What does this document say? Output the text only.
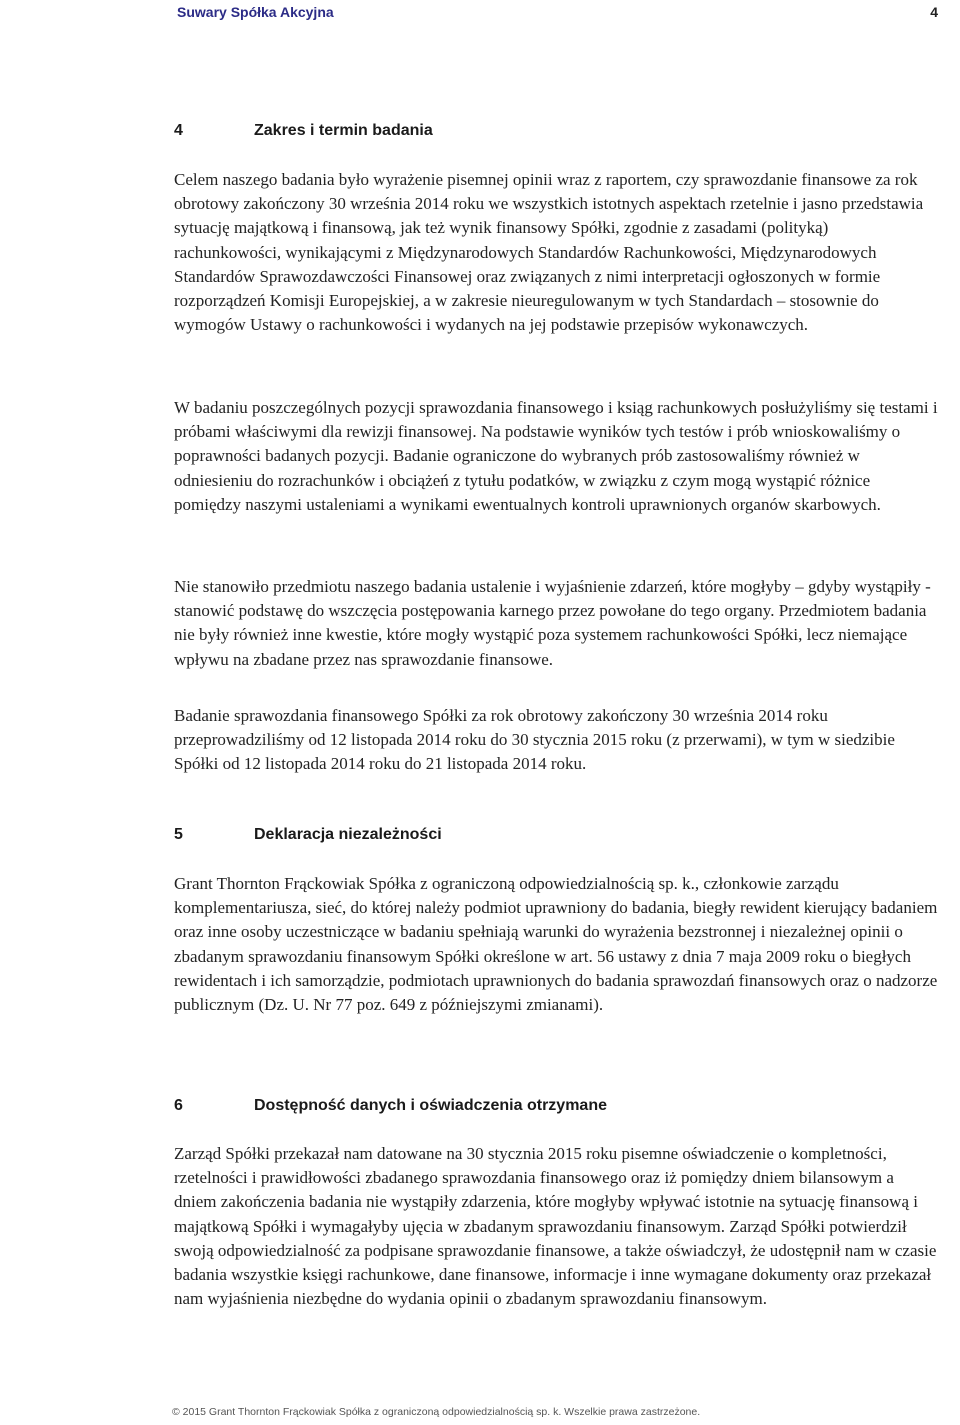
Suwary Spółka Akcyjna	4
4	Zakres i termin badania

Celem naszego badania było wyrażenie pisemnej opinii wraz z raportem, czy sprawozdanie finansowe za rok obrotowy zakończony 30 września 2014 roku we wszystkich istotnych aspektach rzetelnie i jasno przedstawia sytuację majątkową i finansową, jak też wynik finansowy Spółki, zgodnie z zasadami (polityką) rachunkowości, wynikającymi z Międzynarodowych Standardów Rachunkowości, Międzynarodowych Standardów Sprawozdawczości Finansowej oraz związanych z nimi interpretacji ogłoszonych w formie rozporządzeń Komisji Europejskiej, a w zakresie nieuregulowanym w tych Standardach – stosownie do wymogów Ustawy o rachunkowości i wydanych na jej podstawie przepisów wykonawczych.

W badaniu poszczególnych pozycji sprawozdania finansowego i ksiąg rachunkowych posłużyliśmy się testami i próbami właściwymi dla rewizji finansowej. Na podstawie wyników tych testów i prób wnioskowaliśmy o poprawności badanych pozycji. Badanie ograniczone do wybranych prób zastosowaliśmy również w odniesieniu do rozrachunków i obciążeń z tytułu podatków, w związku z czym mogą wystąpić różnice pomiędzy naszymi ustaleniami a wynikami ewentualnych kontroli uprawnionych organów skarbowych.

Nie stanowiło przedmiotu naszego badania ustalenie i wyjaśnienie zdarzeń, które mogłyby – gdyby wystąpiły - stanowić podstawę do wszczęcia postępowania karnego przez powołane do tego organy. Przedmiotem badania nie były również inne kwestie, które mogły wystąpić poza systemem rachunkowości Spółki, lecz niemające wpływu na zbadane przez nas sprawozdanie finansowe.

Badanie sprawozdania finansowego Spółki za rok obrotowy zakończony 30 września 2014 roku przeprowadziliśmy od 12 listopada 2014 roku do 30 stycznia 2015 roku (z przerwami), w tym w siedzibie Spółki od 12 listopada 2014 roku do 21 listopada 2014 roku.

5	Deklaracja niezależności

Grant Thornton Frąckowiak Spółka z ograniczoną odpowiedzialnością sp. k., członkowie zarządu komplementariusza, sieć, do której należy podmiot uprawniony do badania, biegły rewident kierujący badaniem oraz inne osoby uczestniczące w badaniu spełniają warunki do wyrażenia bezstronnej i niezależnej opinii o zbadanym sprawozdaniu finansowym Spółki określone w art. 56 ustawy z dnia 7 maja 2009 roku o biegłych rewidentach i ich samorządzie, podmiotach uprawnionych do badania sprawozdań finansowych oraz o nadzorze publicznym (Dz. U. Nr 77 poz. 649 z późniejszymi zmianami).

6	Dostępność danych i oświadczenia otrzymane

Zarząd Spółki przekazał nam datowane na 30 stycznia 2015 roku pisemne oświadczenie o kompletności, rzetelności i prawidłowości zbadanego sprawozdania finansowego oraz iż pomiędzy dniem bilansowym a dniem zakończenia badania nie wystąpiły zdarzenia, które mogłyby wpływać istotnie na sytuację finansową i majątkową Spółki i wymagałyby ujęcia w zbadanym sprawozdaniu finansowym. Zarząd Spółki potwierdził swoją odpowiedzialność za podpisane sprawozdanie finansowe, a także oświadczył, że udostępnił nam w czasie badania wszystkie księgi rachunkowe, dane finansowe, informacje i inne wymagane dokumenty oraz przekazał nam wyjaśnienia niezbędne do wydania opinii o zbadanym sprawozdaniu finansowym.

© 2015 Grant Thornton Frąckowiak Spółka z ograniczoną odpowiedzialnością sp. k. Wszelkie prawa zastrzeżone.
